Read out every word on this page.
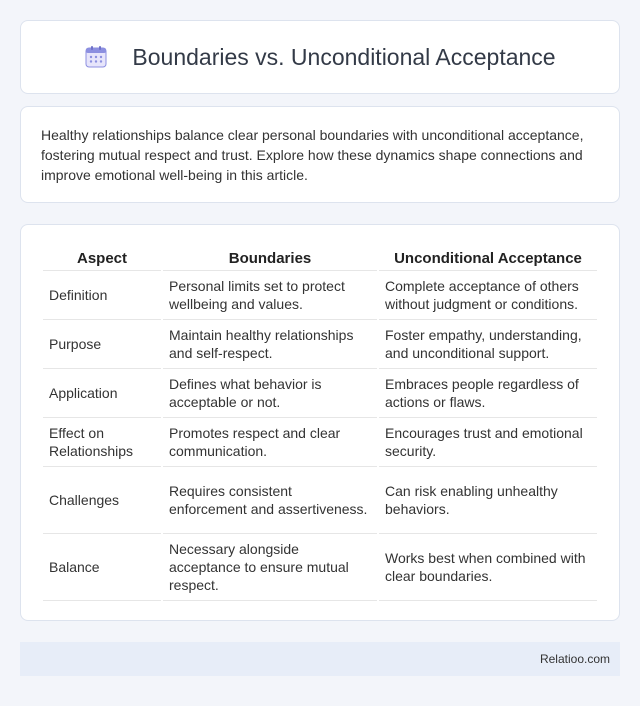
Boundaries vs. Unconditional Acceptance

Healthy relationships balance clear personal boundaries with unconditional acceptance, fostering mutual respect and trust. Explore how these dynamics shape connections and improve emotional well-being in this article.

Aspect	Boundaries	Unconditional Acceptance
Definition	Personal limits set to protect wellbeing and values.	Complete acceptance of others without judgment or conditions.
Purpose	Maintain healthy relationships and self-respect.	Foster empathy, understanding, and unconditional support.
Application	Defines what behavior is acceptable or not.	Embraces people regardless of actions or flaws.
Effect on Relationships	Promotes respect and clear communication.	Encourages trust and emotional security.
Challenges	Requires consistent enforcement and assertiveness.	Can risk enabling unhealthy behaviors.
Balance	Necessary alongside acceptance to ensure mutual respect.	Works best when combined with clear boundaries.
Relatioo.com
